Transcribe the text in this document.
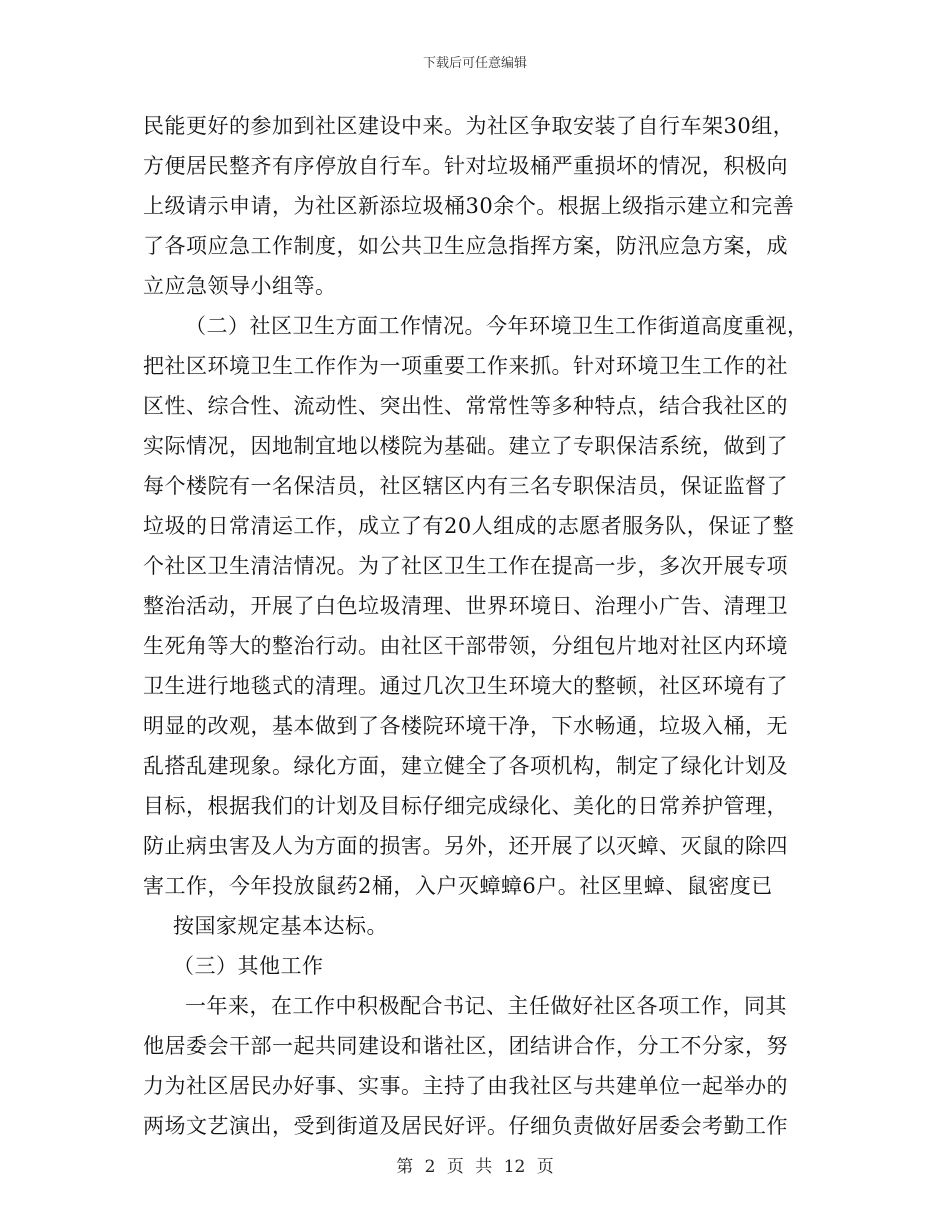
下载后可任意编辑
民能更好的参加到社区建设中来。为社区争取安装了自行车架30组，
方便居民整齐有序停放自行车。针对垃圾桶严重损坏的情况，积极向
上级请示申请，为社区新添垃圾桶30余个。根据上级指示建立和完善
了各项应急工作制度，如公共卫生应急指挥方案，防汛应急方案，成
立应急领导小组等。
（二）社区卫生方面工作情况。今年环境卫生工作街道高度重视，
把社区环境卫生工作作为一项重要工作来抓。针对环境卫生工作的社
区性、综合性、流动性、突出性、常常性等多种特点，结合我社区的
实际情况，因地制宜地以楼院为基础。建立了专职保洁系统，做到了
每个楼院有一名保洁员，社区辖区内有三名专职保洁员，保证监督了
垃圾的日常清运工作，成立了有20人组成的志愿者服务队，保证了整
个社区卫生清洁情况。为了社区卫生工作在提高一步，多次开展专项
整治活动，开展了白色垃圾清理、世界环境日、治理小广告、清理卫
生死角等大的整治行动。由社区干部带领，分组包片地对社区内环境
卫生进行地毯式的清理。通过几次卫生环境大的整顿，社区环境有了
明显的改观，基本做到了各楼院环境干净，下水畅通，垃圾入桶，无
乱搭乱建现象。绿化方面，建立健全了各项机构，制定了绿化计划及
目标，根据我们的计划及目标仔细完成绿化、美化的日常养护管理，
防止病虫害及人为方面的损害。另外，还开展了以灭蟑、灭鼠的除四
害工作，今年投放鼠药2桶，入户灭蟑蟑6户。社区里蟑、鼠密度已
按国家规定基本达标。
（三）其他工作
一年来，在工作中积极配合书记、主任做好社区各项工作，同其
他居委会干部一起共同建设和谐社区，团结讲合作，分工不分家，努
力为社区居民办好事、实事。主持了由我社区与共建单位一起举办的
两场文艺演出，受到街道及居民好评。仔细负责做好居委会考勤工作
第 2 页 共 12 页
